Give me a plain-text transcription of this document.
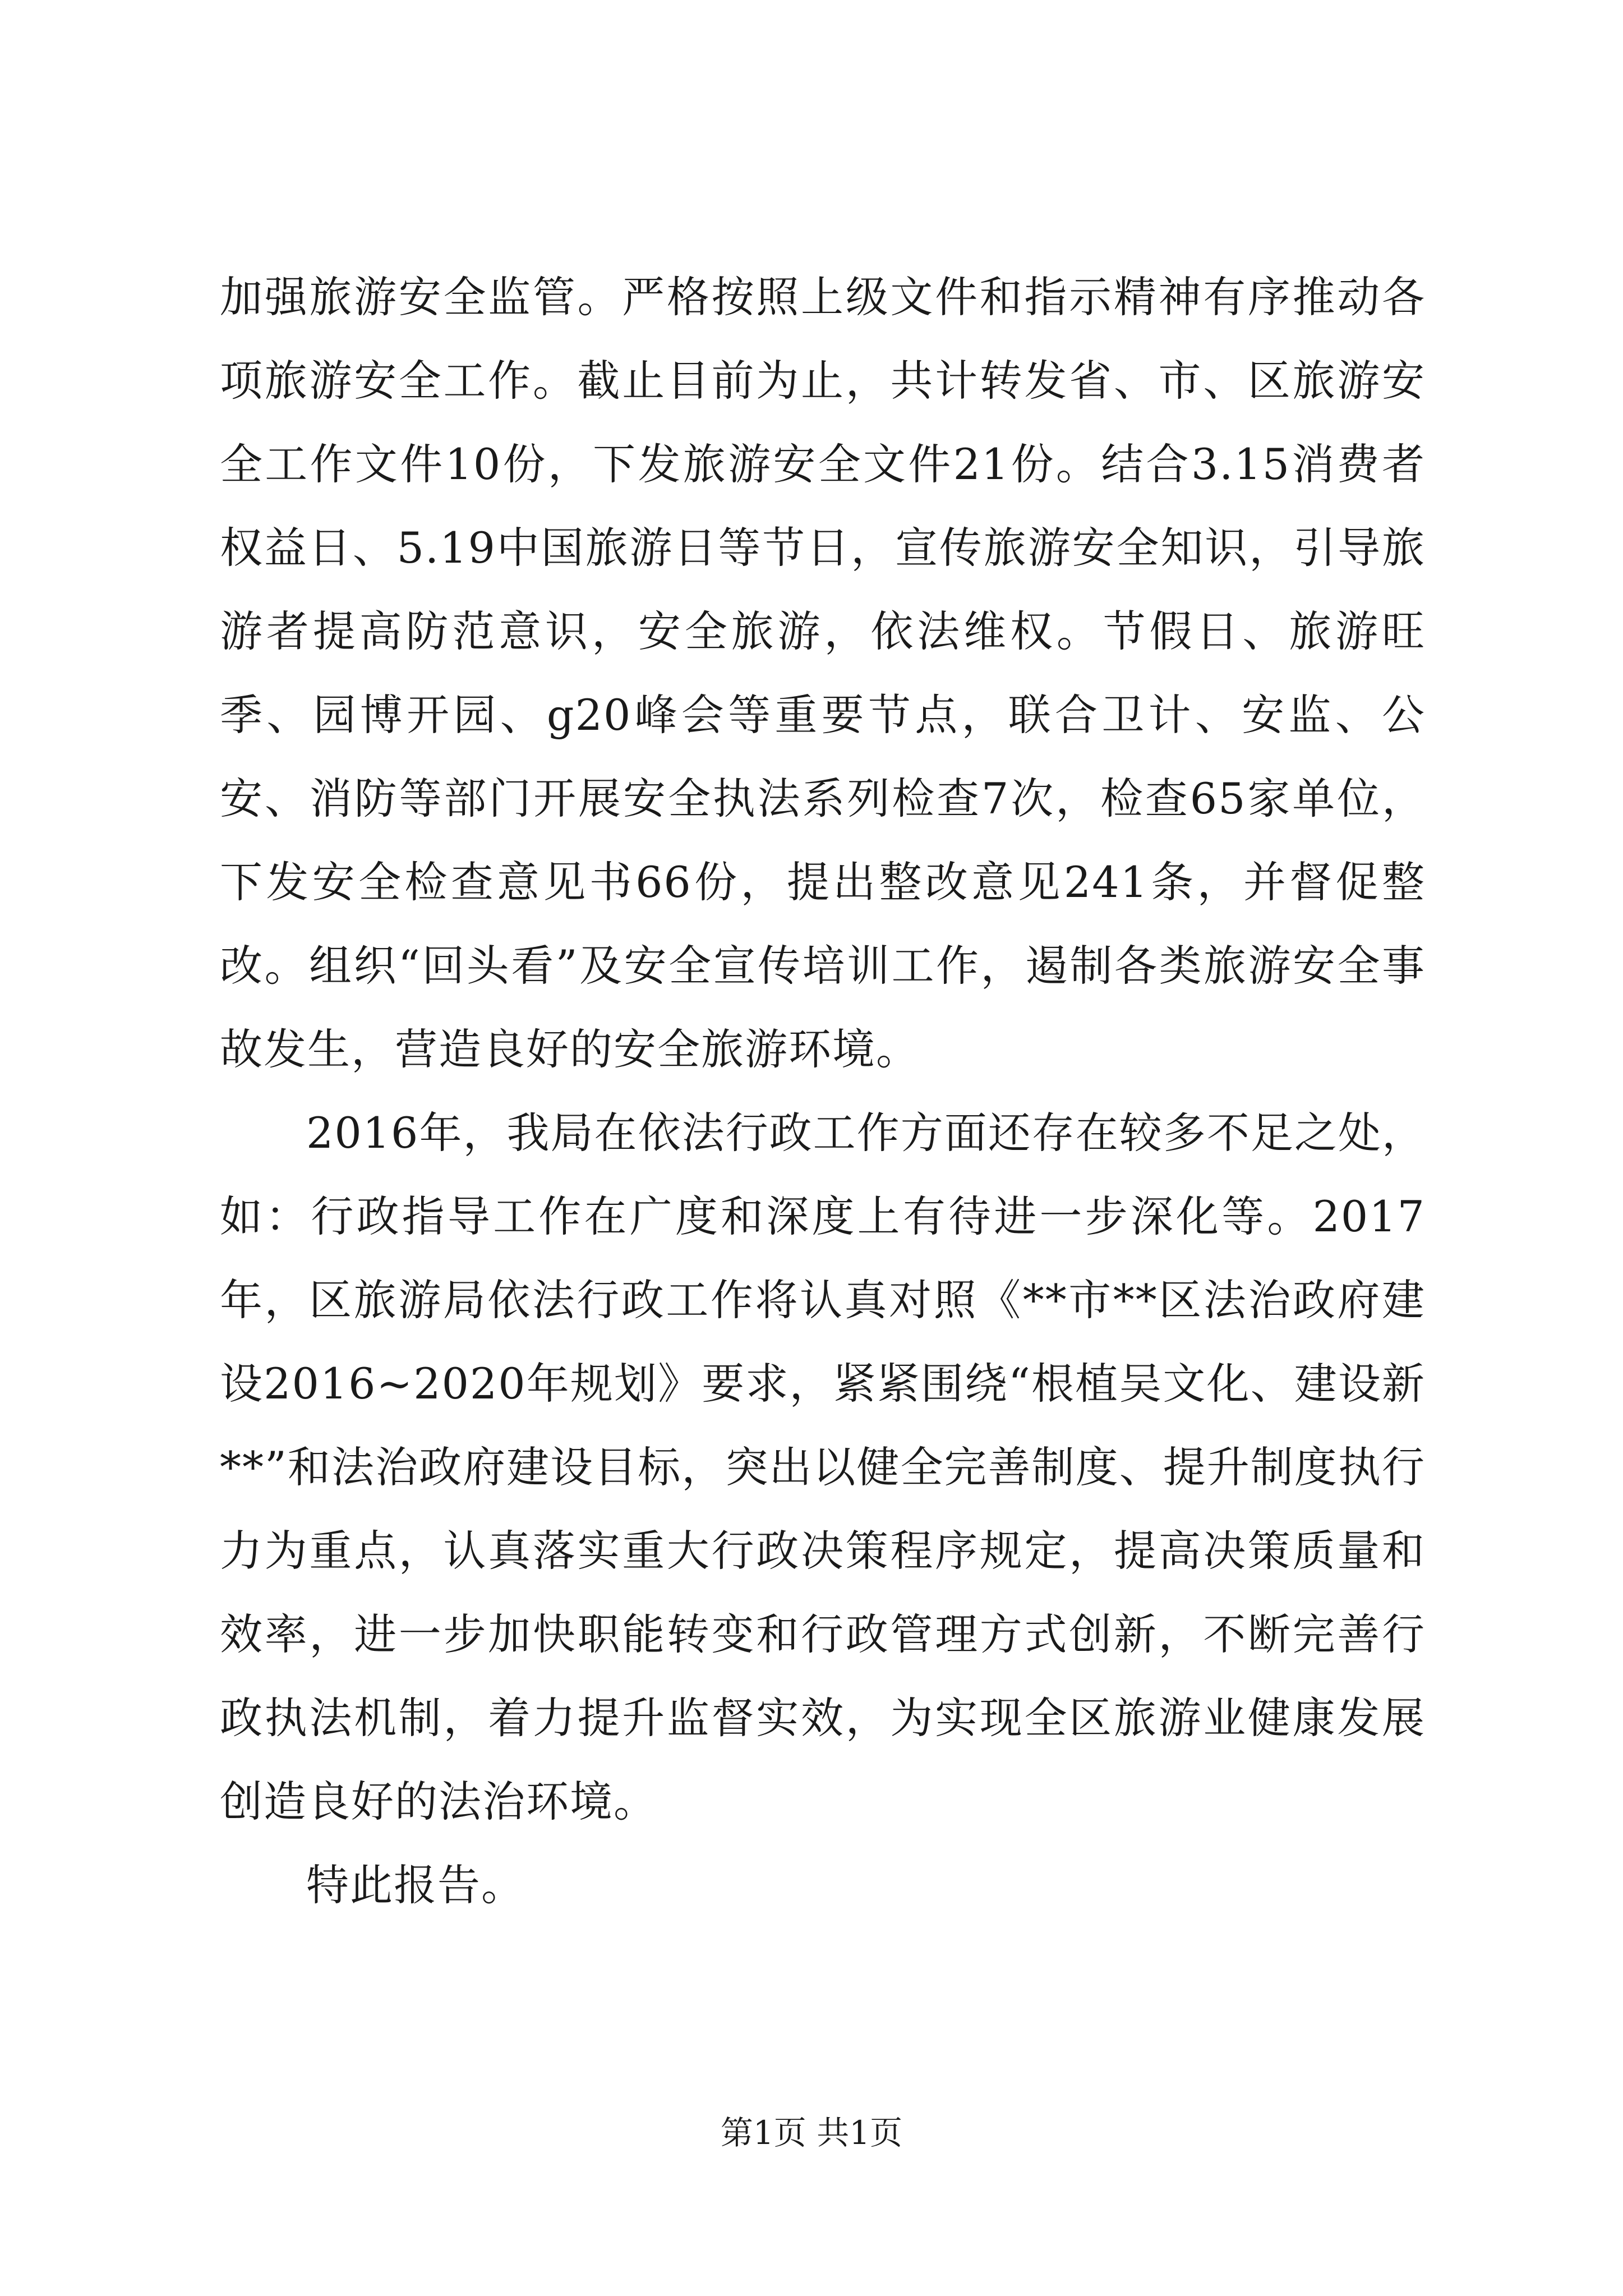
加强旅游安全监管。严格按照上级文件和指示精神有序推动各项旅游安全工作。截止目前为止，共计转发省、市、区旅游安全工作文件10份，下发旅游安全文件21份。结合3.15消费者权益日、5.19中国旅游日等节日，宣传旅游安全知识，引导旅游者提高防范意识，安全旅游，依法维权。节假日、旅游旺季、园博开园、g20峰会等重要节点，联合卫计、安监、公安、消防等部门开展安全执法系列检查7次，检查65家单位，下发安全检查意见书66份，提出整改意见241条，并督促整改。组织“回头看”及安全宣传培训工作，遏制各类旅游安全事故发生，营造良好的安全旅游环境。

2016年，我局在依法行政工作方面还存在较多不足之处，如：行政指导工作在广度和深度上有待进一步深化等。2017年，区旅游局依法行政工作将认真对照《**市**区法治政府建设2016~2020年规划》要求，紧紧围绕“根植吴文化、建设新**”和法治政府建设目标，突出以健全完善制度、提升制度执行力为重点，认真落实重大行政决策程序规定，提高决策质量和效率，进一步加快职能转变和行政管理方式创新，不断完善行政执法机制，着力提升监督实效，为实现全区旅游业健康发展创造良好的法治环境。

特此报告。

第1页 共1页
